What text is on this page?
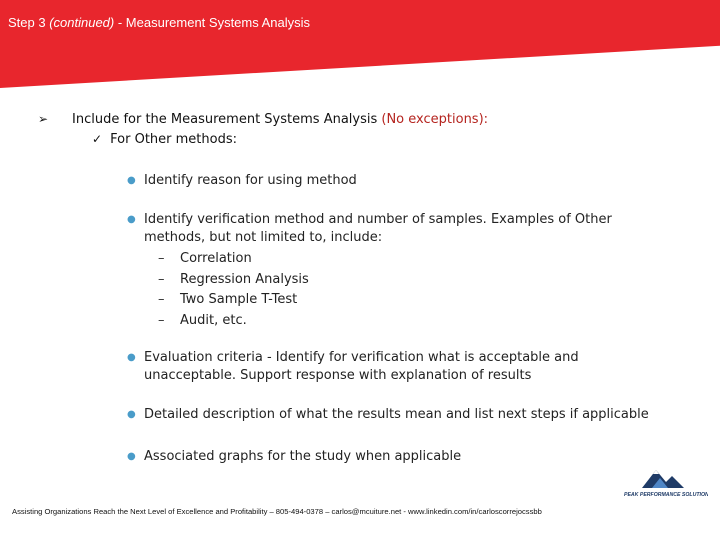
Step 3 (continued) - Measurement Systems Analysis
➢ Include for the Measurement Systems Analysis (No exceptions):
✓ For Other methods:
● Identify reason for using method
● Identify verification method and number of samples. Examples of Other methods, but not limited to, include:
– Correlation
– Regression Analysis
– Two Sample T-Test
– Audit, etc.
● Evaluation criteria - Identify for verification what is acceptable and unacceptable. Support response with explanation of results
● Detailed description of what the results mean and list next steps if applicable
● Associated graphs for the study when applicable
PEAK PERFORMANCE SOLUTIONS
Assisting Organizations Reach the Next Level of Excellence and Profitability – 805-494-0378 – carlos@mcuiture.net - www.linkedin.com/in/carloscorrejocssbb
